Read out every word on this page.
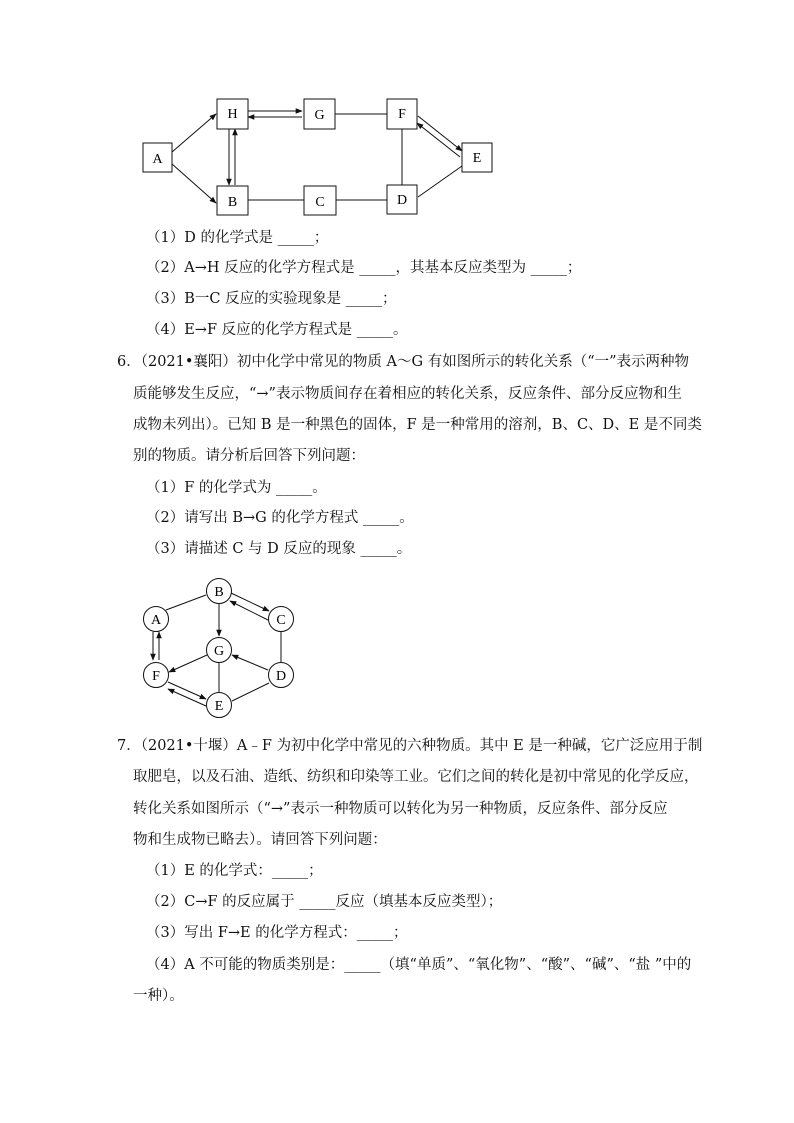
A
H	G	F
E
B	C	D
（1）D 的化学式是 _____；
（2）A→H 反应的化学方程式是 _____，其基本反应类型为 _____；
（3）B一C 反应的实验现象是 _____；
（4）E→F 反应的化学方程式是 _____。
6．（2021•襄阳）初中化学中常见的物质 A～G 有如图所示的转化关系（“一”表示两种物
质能够发生反应，“→”表示物质间存在着相应的转化关系，反应条件、部分反应物和生
成物未列出）。已知 B 是一种黑色的固体，F 是一种常用的溶剂，B、C、D、E 是不同类
别的物质。请分析后回答下列问题：
（1）F 的化学式为 _____。
（2）请写出 B→G 的化学方程式 _____。
（3）请描述 C 与 D 反应的现象 _____。
B
A	C
G
F	D
E
7．（2021•十堰）A﹣F 为初中化学中常见的六种物质。其中 E 是一种碱，它广泛应用于制
取肥皂，以及石油、造纸、纺织和印染等工业。它们之间的转化是初中常见的化学反应，
转化关系如图所示（“→”表示一种物质可以转化为另一种物质，反应条件、部分反应
物和生成物已略去）。请回答下列问题：
（1）E 的化学式：_____；
（2）C→F 的反应属于 _____反应（填基本反应类型）；
（3）写出 F→E 的化学方程式：_____；
（4）A 不可能的物质类别是：_____（填“单质”、“氧化物”、“酸”、“碱”、“盐 ”中的
一种）。
